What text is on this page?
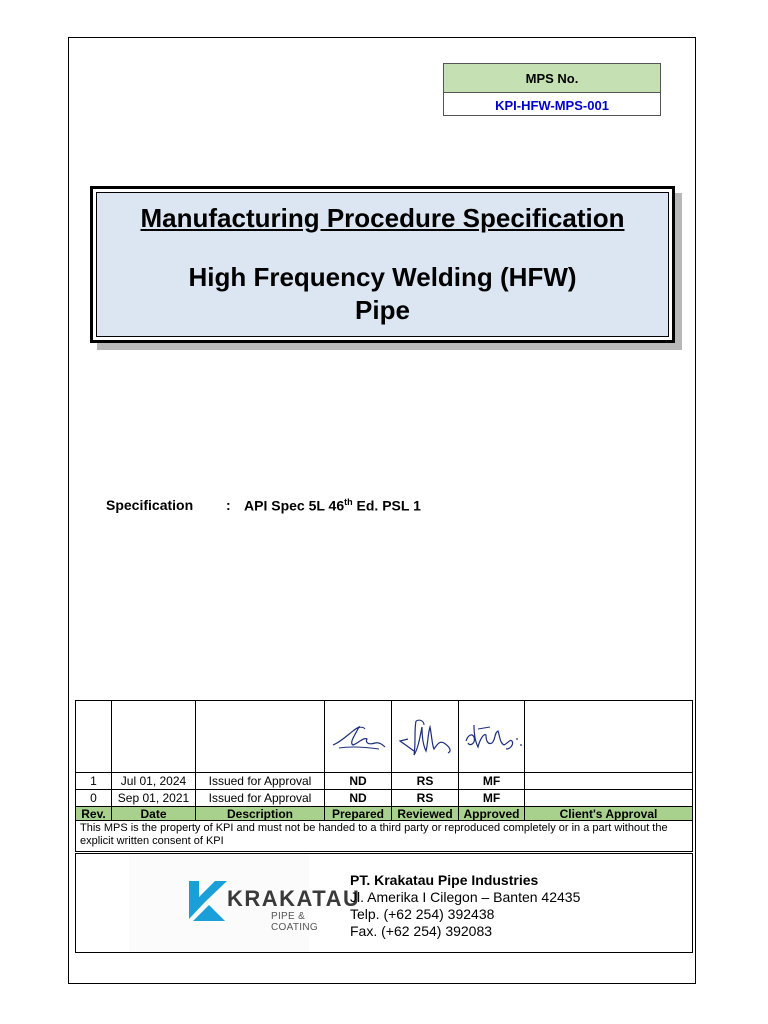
MPS No.
KPI-HFW-MPS-001
Manufacturing Procedure Specification
High Frequency Welding (HFW)
Pipe
Specification	: API Spec 5L 46th Ed. PSL 1

1	Jul 01, 2024	Issued for Approval	ND	RS	MF	
0	Sep 01, 2021	Issued for Approval	ND	RS	MF	
Rev.	Date	Description	Prepared	Reviewed	Approved	Client's Approval
This MPS is the property of KPI and must not be handed to a third party or reproduced completely or in a part without the explicit written consent of KPI						
KRAKATAU
PIPE & COATING
PT. Krakatau Pipe Industries
Jl. Amerika I Cilegon – Banten 42435
Telp. (+62 254) 392438
Fax. (+62 254) 392083
